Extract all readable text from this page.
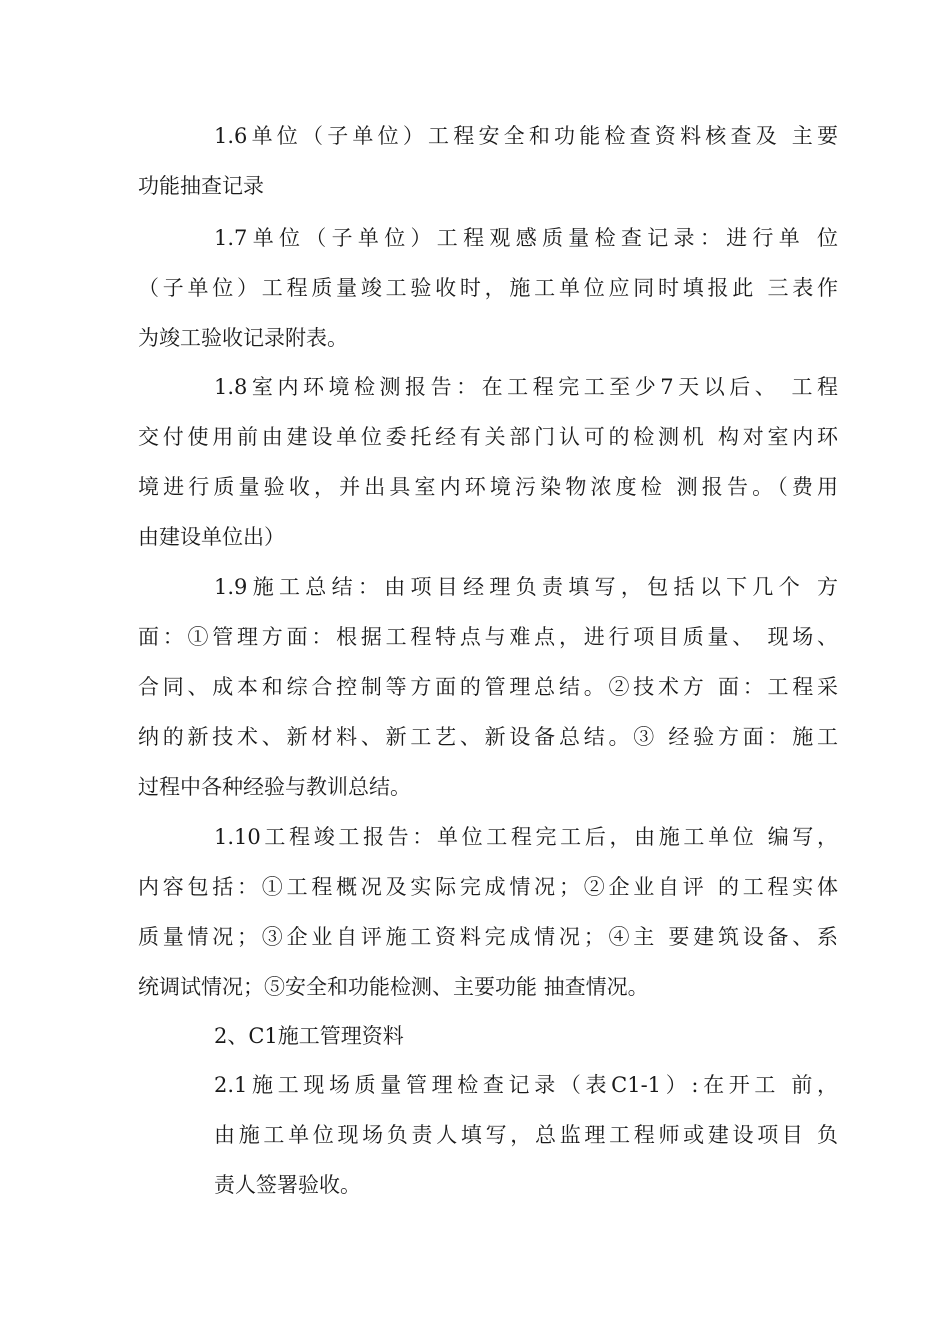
1.6单位（子单位）工程安全和功能检查资料核查及 主要
功能抽查记录
1.7单位（子单位）工程观感质量检查记录：进行单 位
（子单位）工程质量竣工验收时，施工单位应同时填报此 三表作
为竣工验收记录附表。
1.8室内环境检测报告：在工程完工至少7天以后、 工程
交付使用前由建设单位委托经有关部门认可的检测机 构对室内环
境进行质量验收，并出具室内环境污染物浓度检 测报告。（费用
由建设单位出）
1.9施工总结：由项目经理负责填写，包括以下几个 方
面：①管理方面：根据工程特点与难点，进行项目质量、 现场、
合同、成本和综合控制等方面的管理总结。②技术方 面：工程采
纳的新技术、新材料、新工艺、新设备总结。③ 经验方面：施工
过程中各种经验与教训总结。
1.10工程竣工报告：单位工程完工后，由施工单位 编写，
内容包括：①工程概况及实际完成情况；②企业自评 的工程实体
质量情况；③企业自评施工资料完成情况；④主 要建筑设备、系
统调试情况；⑤安全和功能检测、主要功能 抽查情况。
2、C1施工管理资料
2.1施工现场质量管理检查记录（表C1-1）:在开工 前，
由施工单位现场负责人填写，总监理工程师或建设项目 负
责人签署验收。
